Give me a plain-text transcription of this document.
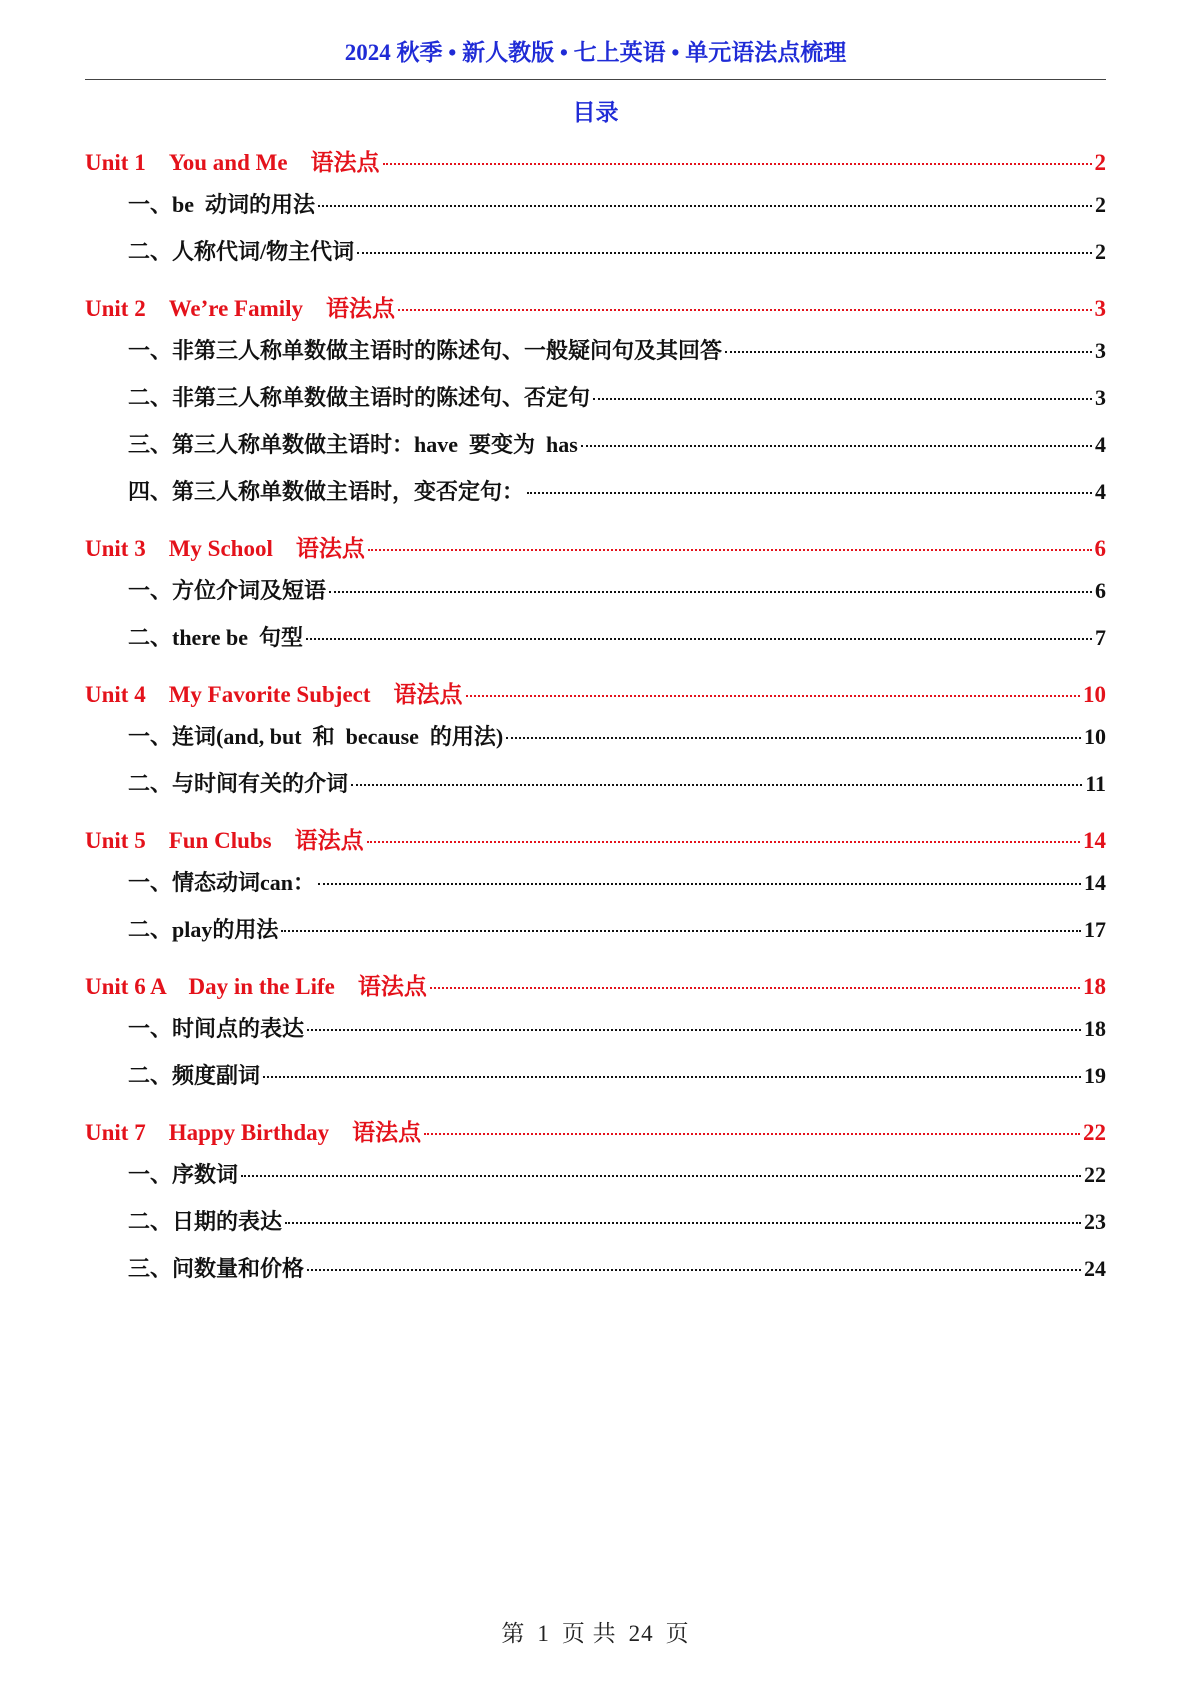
2024 秋季 • 新人教版 • 七上英语 • 单元语法点梳理
目录
Unit 1　You and Me　语法点	2
一、be  动词的用法	2
二、人称代词/物主代词	2
Unit 2　We’re Family　语法点	3
一、非第三人称单数做主语时的陈述句、一般疑问句及其回答	3
二、非第三人称单数做主语时的陈述句、否定句	3
三、第三人称单数做主语时：have  要变为  has	4
四、第三人称单数做主语时，变否定句：	4
Unit 3　My School　语法点	6
一、方位介词及短语	6
二、there be  句型	7
Unit 4　My Favorite Subject　语法点	10
一、连词(and, but  和  because  的用法)	10
二、与时间有关的介词	11
Unit 5　Fun Clubs　语法点	14
一、情态动词can：	14
二、play的用法	17
Unit 6 A　Day in the Life　语法点	18
一、时间点的表达	18
二、频度副词	19
Unit 7　Happy Birthday　语法点	22
一、序数词	22
二、日期的表达	23
三、问数量和价格	24
第 1 页 共 24 页
